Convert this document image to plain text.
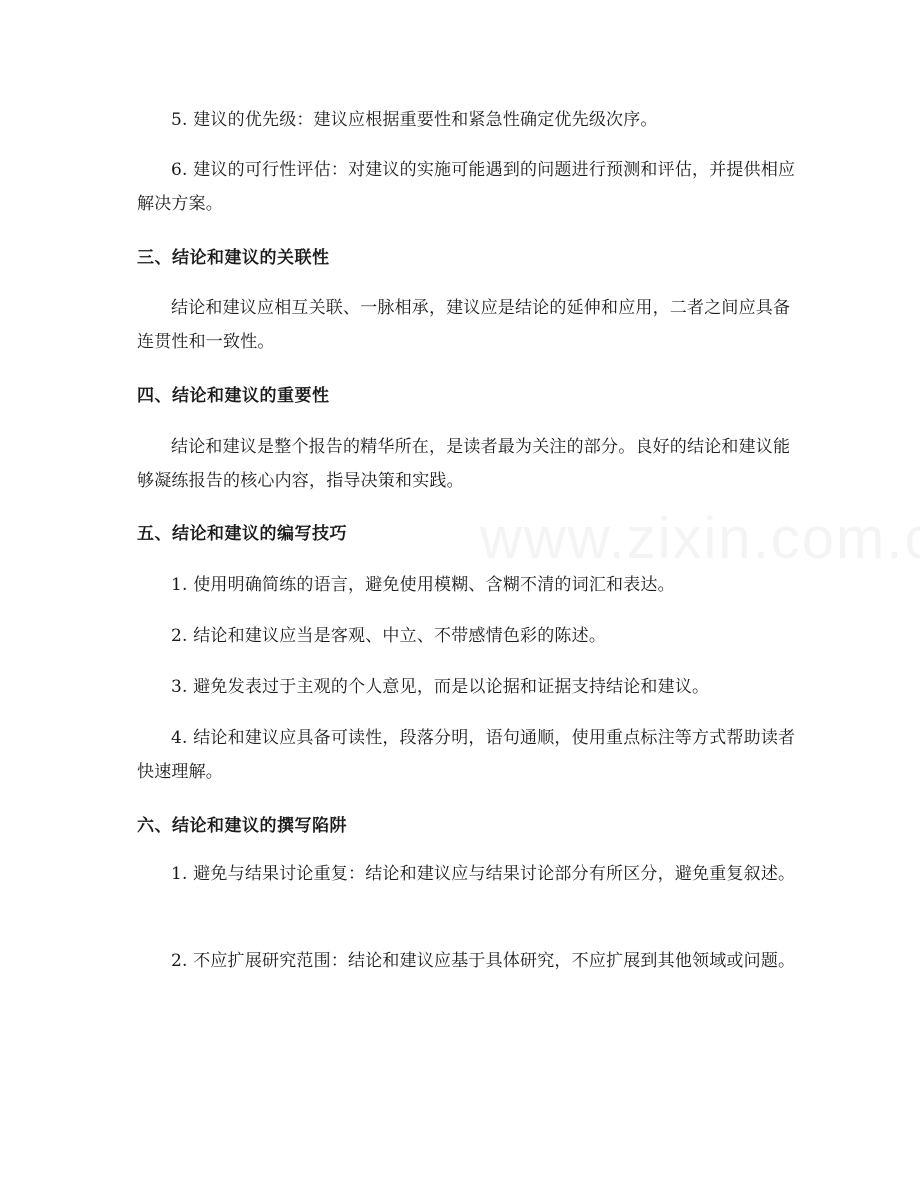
5. 建议的优先级：建议应根据重要性和紧急性确定优先级次序。
6. 建议的可行性评估：对建议的实施可能遇到的问题进行预测和评估，并提供相应解决方案。
三、结论和建议的关联性
结论和建议应相互关联、一脉相承，建议应是结论的延伸和应用，二者之间应具备连贯性和一致性。
四、结论和建议的重要性
结论和建议是整个报告的精华所在，是读者最为关注的部分。良好的结论和建议能够凝练报告的核心内容，指导决策和实践。
五、结论和建议的编写技巧
1. 使用明确简练的语言，避免使用模糊、含糊不清的词汇和表达。
2. 结论和建议应当是客观、中立、不带感情色彩的陈述。
3. 避免发表过于主观的个人意见，而是以论据和证据支持结论和建议。
4. 结论和建议应具备可读性，段落分明，语句通顺，使用重点标注等方式帮助读者快速理解。
六、结论和建议的撰写陷阱
1. 避免与结果讨论重复：结论和建议应与结果讨论部分有所区分，避免重复叙述。
2. 不应扩展研究范围：结论和建议应基于具体研究，不应扩展到其他领域或问题。
